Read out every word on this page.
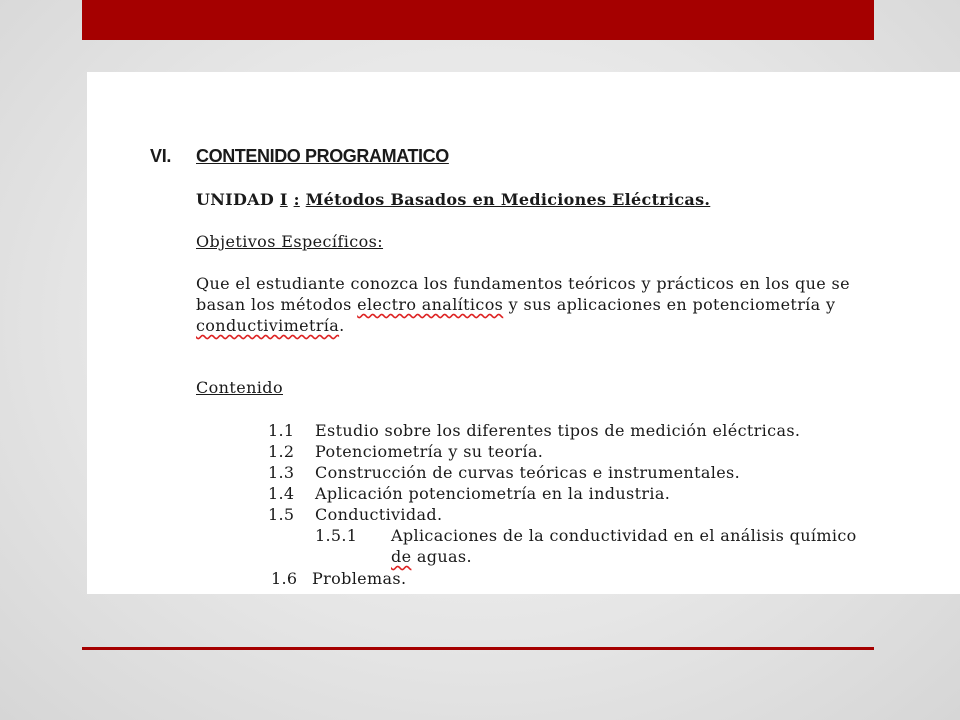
VI. CONTENIDO PROGRAMATICO
UNIDAD I : Métodos Basados en Mediciones Eléctricas.
Objetivos Específicos:
Que el estudiante conozca los fundamentos teóricos y prácticos en los que se
basan los métodos electro analíticos y sus aplicaciones en potenciometría y
conductivimetría.
Contenido
1.1 Estudio sobre los diferentes tipos de medición eléctricas.
1.2 Potenciometría y su teoría.
1.3 Construcción de curvas teóricas e instrumentales.
1.4 Aplicación potenciometría en la industria.
1.5 Conductividad.
1.5.1 Aplicaciones de la conductividad en el análisis químico
de aguas.
1.6 Problemas.
